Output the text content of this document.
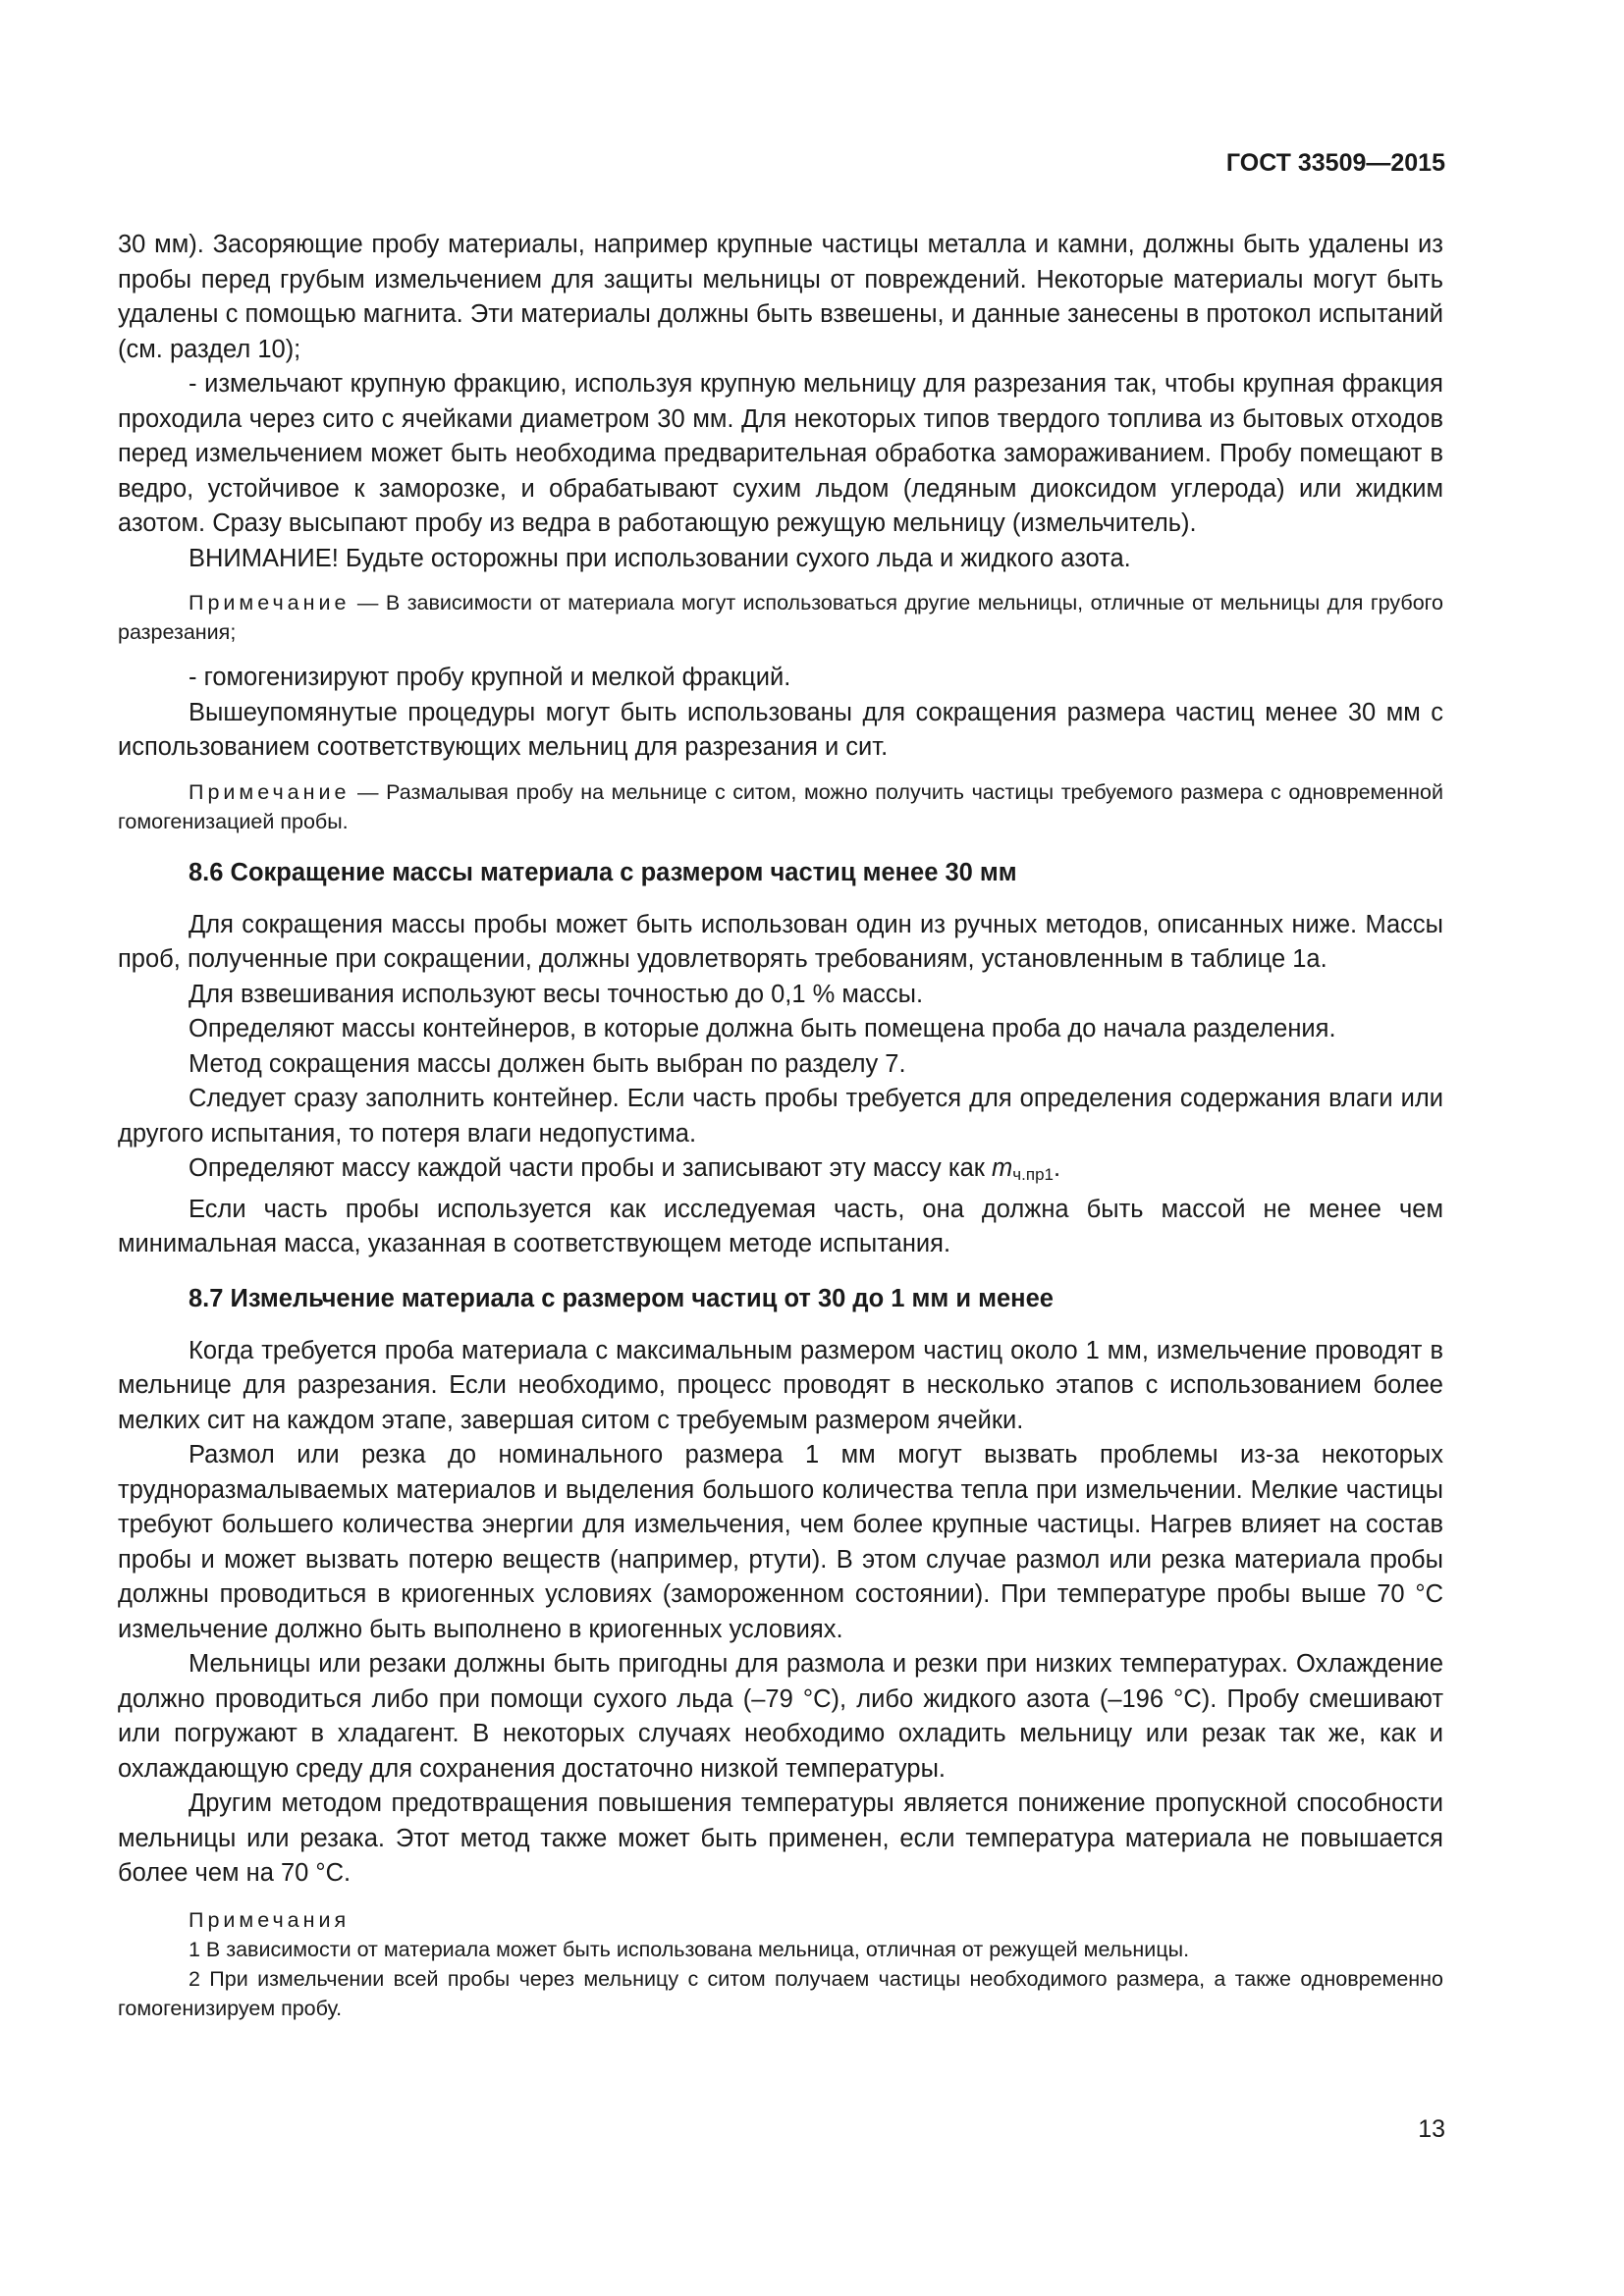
ГОСТ 33509—2015

30 мм). Засоряющие пробу материалы, например крупные частицы металла и камни, должны быть удалены из пробы перед грубым измельчением для защиты мельницы от повреждений. Некоторые материалы могут быть удалены с помощью магнита. Эти материалы должны быть взвешены, и данные занесены в протокол испытаний (см. раздел 10);

- измельчают крупную фракцию, используя крупную мельницу для разрезания так, чтобы крупная фракция проходила через сито с ячейками диаметром 30 мм. Для некоторых типов твердого топлива из бытовых отходов перед измельчением может быть необходима предварительная обработка замораживанием. Пробу помещают в ведро, устойчивое к заморозке, и обрабатывают сухим льдом (ледяным диоксидом углерода) или жидким азотом. Сразу высыпают пробу из ведра в работающую режущую мельницу (измельчитель).

ВНИМАНИЕ! Будьте осторожны при использовании сухого льда и жидкого азота.

Примечание — В зависимости от материала могут использоваться другие мельницы, отличные от мельницы для грубого разрезания;

- гомогенизируют пробу крупной и мелкой фракций.

Вышеупомянутые процедуры могут быть использованы для сокращения размера частиц менее 30 мм с использованием соответствующих мельниц для разрезания и сит.

Примечание — Размалывая пробу на мельнице с ситом, можно получить частицы требуемого размера с одновременной гомогенизацией пробы.

8.6 Сокращение массы материала с размером частиц менее 30 мм

Для сокращения массы пробы может быть использован один из ручных методов, описанных ниже. Массы проб, полученные при сокращении, должны удовлетворять требованиям, установленным в таблице 1а.

Для взвешивания используют весы точностью до 0,1 % массы.

Определяют массы контейнеров, в которые должна быть помещена проба до начала разделения.

Метод сокращения массы должен быть выбран по разделу 7.

Следует сразу заполнить контейнер. Если часть пробы требуется для определения содержания влаги или другого испытания, то потеря влаги недопустима.

Определяют массу каждой части пробы и записывают эту массу как $m_{ч.пр1}$.

Если часть пробы используется как исследуемая часть, она должна быть массой не менее чем минимальная масса, указанная в соответствующем методе испытания.

8.7 Измельчение материала с размером частиц от 30 до 1 мм и менее

Когда требуется проба материала с максимальным размером частиц около 1 мм, измельчение проводят в мельнице для разрезания. Если необходимо, процесс проводят в несколько этапов с использованием более мелких сит на каждом этапе, завершая ситом с требуемым размером ячейки.

Размол или резка до номинального размера 1 мм могут вызвать проблемы из-за некоторых трудноразмалываемых материалов и выделения большого количества тепла при измельчении. Мелкие частицы требуют большего количества энергии для измельчения, чем более крупные частицы. Нагрев влияет на состав пробы и может вызвать потерю веществ (например, ртути). В этом случае размол или резка материала пробы должны проводиться в криогенных условиях (замороженном состоянии). При температуре пробы выше 70 °С измельчение должно быть выполнено в криогенных условиях.

Мельницы или резаки должны быть пригодны для размола и резки при низких температурах. Охлаждение должно проводиться либо при помощи сухого льда (–79 °С), либо жидкого азота (–196 °С). Пробу смешивают или погружают в хладагент. В некоторых случаях необходимо охладить мельницу или резак так же, как и охлаждающую среду для сохранения достаточно низкой температуры.

Другим методом предотвращения повышения температуры является понижение пропускной способности мельницы или резака. Этот метод также может быть применен, если температура материала не повышается более чем на 70 °С.

Примечания
1 В зависимости от материала может быть использована мельница, отличная от режущей мельницы.
2 При измельчении всей пробы через мельницу с ситом получаем частицы необходимого размера, а также одновременно гомогенизируем пробу.
13
